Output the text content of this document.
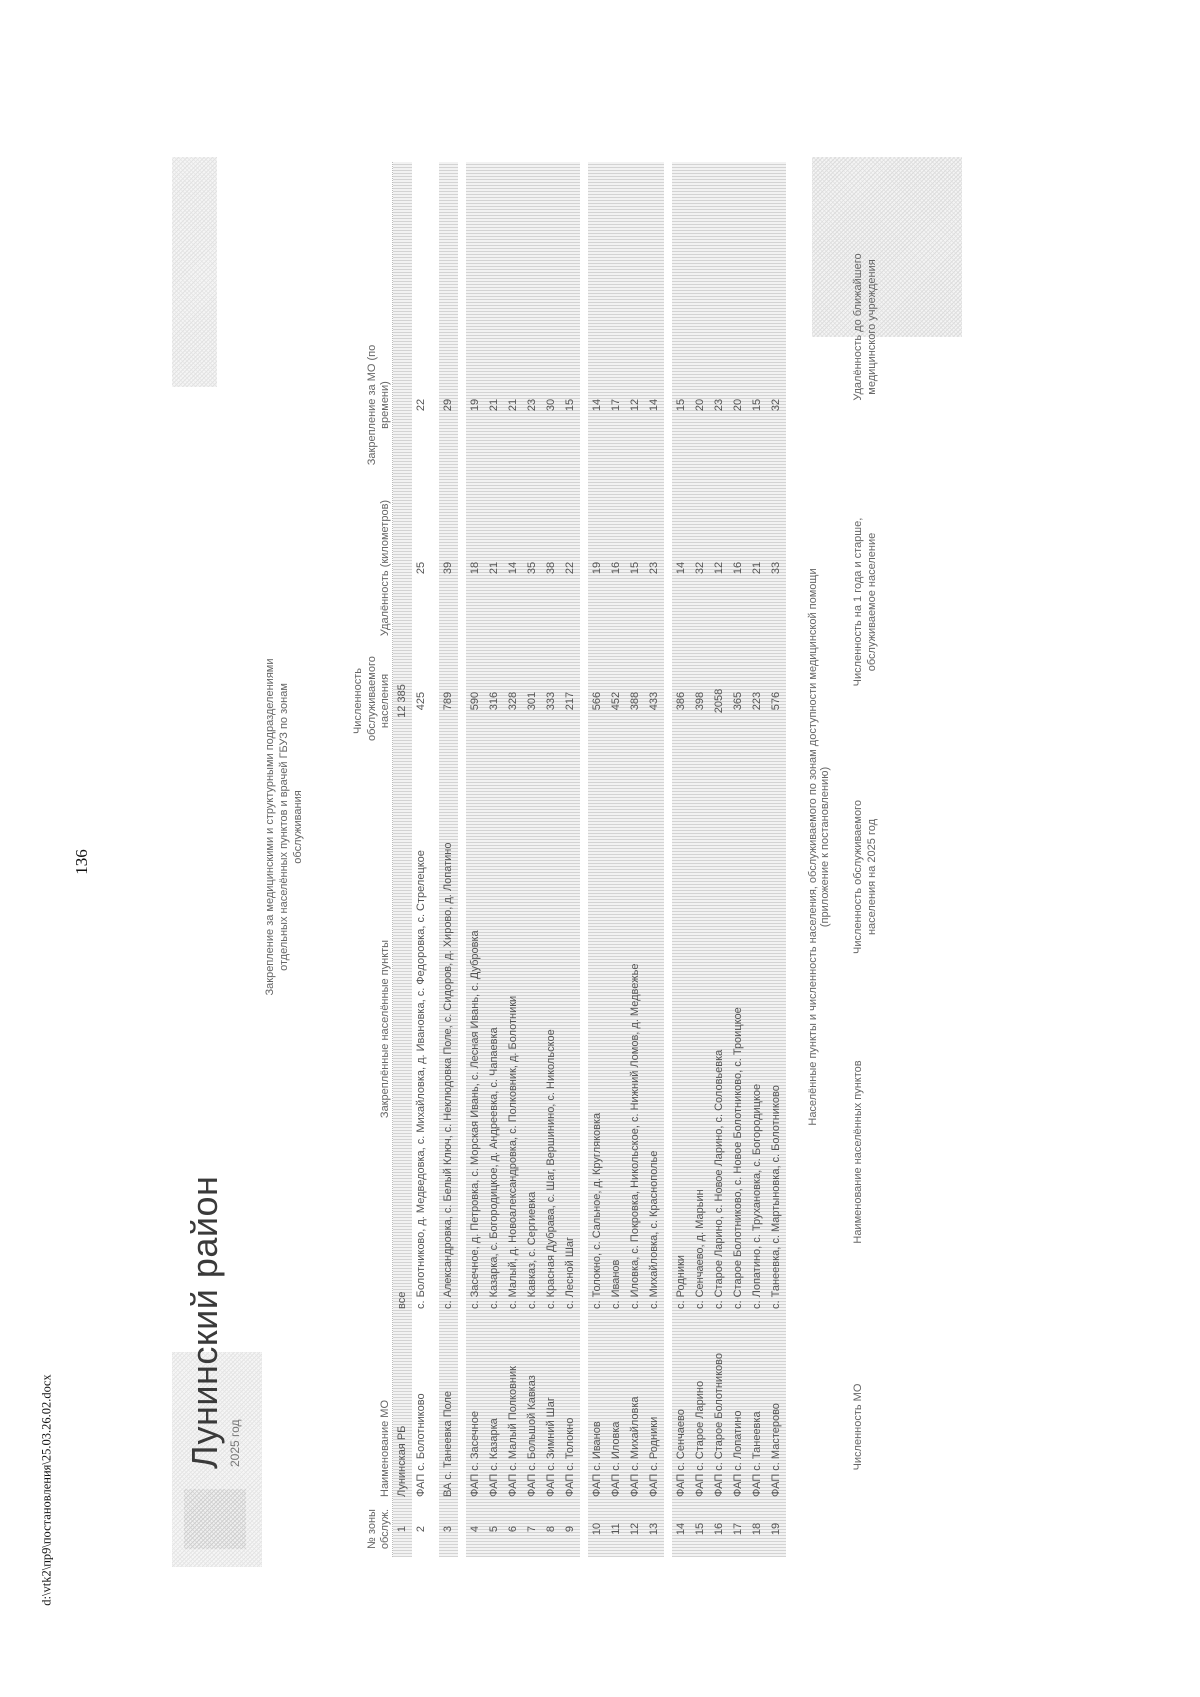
136
d:\vtk2\пр9\постановления\25.03.26.02.docx
Лунинский район 2025 год
Закрепление за медицинскими и структурными подразделениями отдельных населённых пунктов и врачей ГБУЗ по зонам обслуживания
№ зоны обслуж.
Наименование МО
Закреплённые населённые пункты
Численность обслуживаемого населения
Удалённость (километров)
Закрепление за МО (по времени)
1
Лунинская РБ
все
12 385
2
ФАП с. Болотниково
с. Болотниково, д. Медведовка, с. Михайловка, д. Ивановка, с. Федоровка, с. Стрелецкое
425
25
22
3
ВА с. Танеевка Поле
с. Александровка, с. Белый Ключ, с. Неклюдовка Поле, с. Сидоров, д. Хирово, д. Лопатино
789
39
29
4
ФАП с. Засечное
с. Засечное, д. Петровка, с. Морская Ивань, с. Лесная Ивань, с. Дубровка
590
18
19
5
ФАП с. Казарка
с. Казарка, с. Богородицкое, д. Андреевка, с. Чапаевка
316
21
21
6
ФАП с. Малый Полковник
с. Малый, д. Новоалександровка, с. Полковник, д. Болотники
328
14
21
7
ФАП с. Большой Кавказ
с. Кавказ, с. Сергиевка
301
35
23
8
ФАП с. Зимний Шаг
с. Красная Дубрава, с. Шаг, Вершинино, с. Никольское
333
38
30
9
ФАП с. Толокно
с. Лесной Шаг
217
22
15
10
ФАП с. Иванов
с. Толокно, с. Сальное, д. Кругляковка
566
19
14
11
ФАП с. Иловка
с. Иванов
452
16
17
12
ФАП с. Михайловка
с. Иловка, с. Покровка, Никольское, с. Нижний Ломов, д. Медвежье
388
15
12
13
ФАП с. Родники
с. Михайловка, с. Краснополье
433
23
14
14
ФАП с. Сенчаево
с. Родники
386
14
15
15
ФАП с. Старое Ларино
с. Сенчаево, д. Марьин
398
32
20
16
ФАП с. Старое Болотниково
с. Старое Ларино, с. Новое Ларино, с. Соловьевка
2058
12
23
17
ФАП с. Лопатино
с. Старое Болотниково, с. Новое Болотниково, с. Троицкое
365
16
20
18
ФАП с. Танеевка
с. Лопатино, с. Трухановка, с. Богородицкое
223
21
15
19
ФАП с. Мастерово
с. Танеевка, с. Мартыновка, с. Болотниково
576
33
32
Населённые пункты и численность населения, обслуживаемого по зонам доступности медицинской помощи (приложение к постановлению)
Численность МО
Наименование населённых пунктов
Численность обслуживаемого населения на 2025 год
Численность на 1 года и старше, обслуживаемое население
Удалённость до ближайшего медицинского учреждения
